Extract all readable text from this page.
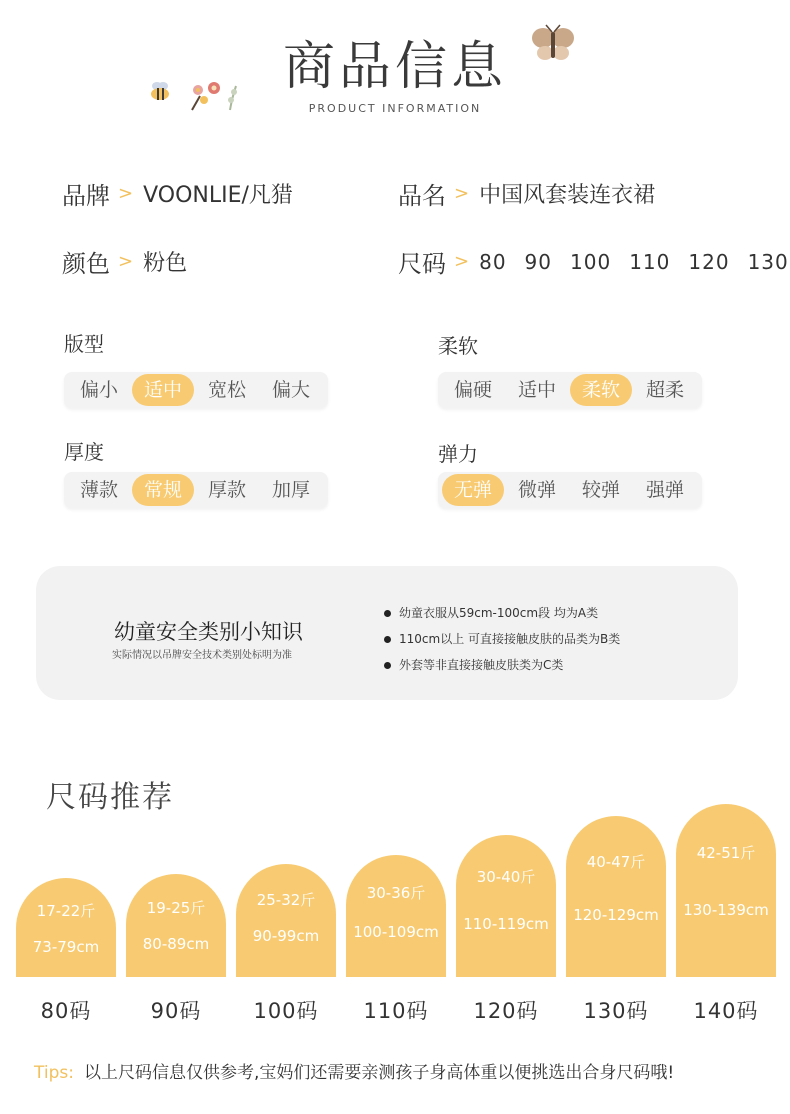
商品信息
PRODUCT INFORMATION
品牌 > VOONLIE/凡猎	品名 > 中国风套装连衣裙
颜色 > 粉色	尺码 > 80 90 100 110 120 130
版型
偏小	适中	宽松	偏大
柔软
偏硬	适中	柔软	超柔
厚度
薄款	常规	厚款	加厚
弹力
无弹	微弹	较弹	强弹
幼童安全类别小知识
实际情况以吊牌安全技术类别处标明为准
幼童衣服从59cm-100cm段 均为A类
110cm以上 可直接接触皮肤的品类为B类
外套等非直接接触皮肤类为C类
尺码推荐
17-22斤
73-79cm
80码
19-25斤
80-89cm
90码
25-32斤
90-99cm
100码
30-36斤
100-109cm
110码
30-40斤
110-119cm
120码
40-47斤
120-129cm
130码
42-51斤
130-139cm
140码
Tips: 以上尺码信息仅供参考,宝妈们还需要亲测孩子身高体重以便挑选出合身尺码哦!
